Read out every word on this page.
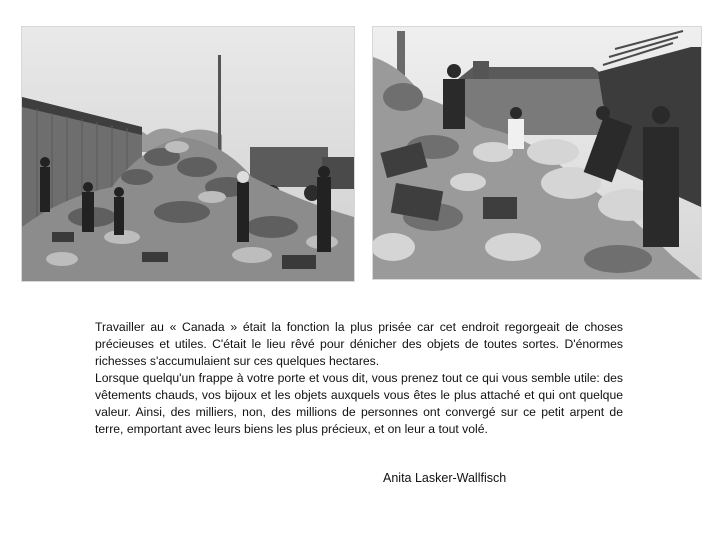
Travailler au « Canada » était la fonction la plus prisée car cet endroit regorgeait de choses précieuses et utiles. C'était le lieu rêvé pour dénicher des objets de toutes sortes. D'énormes richesses s'accumulaient sur ces quelques hectares.

Lorsque quelqu'un frappe à votre porte et vous dit, vous prenez tout ce qui vous semble utile: des vêtements chauds, vos bijoux et les objets auxquels vous êtes le plus attaché et qui ont quelque valeur. Ainsi, des milliers, non, des millions de personnes ont convergé sur ce petit arpent de terre, emportant avec leurs biens les plus précieux, et on leur a tout volé.

Anita Lasker-Wallfisch
